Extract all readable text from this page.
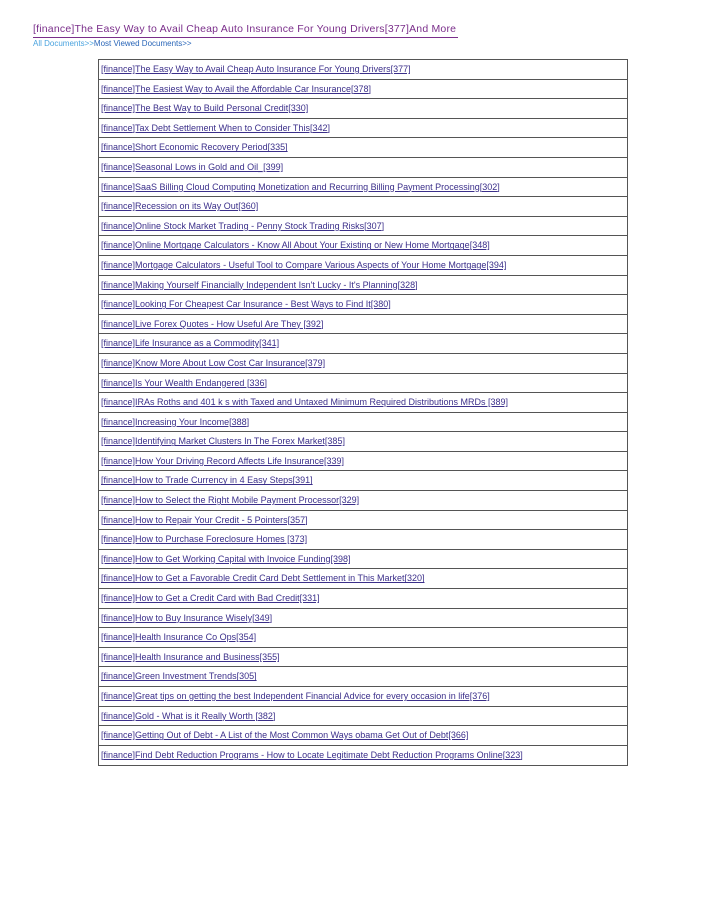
[finance]The Easy Way to Avail Cheap Auto Insurance For Young Drivers[377]And More
All Documents>>Most Viewed Documents>>
[finance]The Easy Way to Avail Cheap Auto Insurance For Young Drivers[377]
[finance]The Easiest Way to Avail the Affordable Car Insurance[378]
[finance]The Best Way to Build Personal Credit[330]
[finance]Tax Debt Settlement When to Consider This[342]
[finance]Short Economic Recovery Period[335]
[finance]Seasonal Lows in Gold and Oil_[399]
[finance]SaaS Billing Cloud Computing Monetization and Recurring Billing Payment Processing[302]
[finance]Recession on its Way Out[360]
[finance]Online Stock Market Trading - Penny Stock Trading Risks[307]
[finance]Online Mortgage Calculators - Know All About Your Existing or New Home Mortgage[348]
[finance]Mortgage Calculators - Useful Tool to Compare Various Aspects of Your Home Mortgage[394]
[finance]Making Yourself Financially Independent Isn't Lucky - It's Planning[328]
[finance]Looking For Cheapest Car Insurance - Best Ways to Find It[380]
[finance]Live Forex Quotes - How Useful Are They [392]
[finance]Life Insurance as a Commodity[341]
[finance]Know More About Low Cost Car Insurance[379]
[finance]Is Your Wealth Endangered [336]
[finance]IRAs Roths and 401 k s with Taxed and Untaxed Minimum Required Distributions MRDs [389]
[finance]Increasing Your Income[388]
[finance]Identifying Market Clusters In The Forex Market[385]
[finance]How Your Driving Record Affects Life Insurance[339]
[finance]How to Trade Currency in 4 Easy Steps[391]
[finance]How to Select the Right Mobile Payment Processor[329]
[finance]How to Repair Your Credit - 5 Pointers[357]
[finance]How to Purchase Foreclosure Homes [373]
[finance]How to Get Working Capital with Invoice Funding[398]
[finance]How to Get a Favorable Credit Card Debt Settlement in This Market[320]
[finance]How to Get a Credit Card with Bad Credit[331]
[finance]How to Buy Insurance Wisely[349]
[finance]Health Insurance Co Ops[354]
[finance]Health Insurance and Business[355]
[finance]Green Investment Trends[305]
[finance]Great tips on getting the best Independent Financial Advice for every occasion in life[376]
[finance]Gold - What is it Really Worth [382]
[finance]Getting Out of Debt - A List of the Most Common Ways obama Get Out of Debt[366]
[finance]Find Debt Reduction Programs - How to Locate Legitimate Debt Reduction Programs Online[323]
